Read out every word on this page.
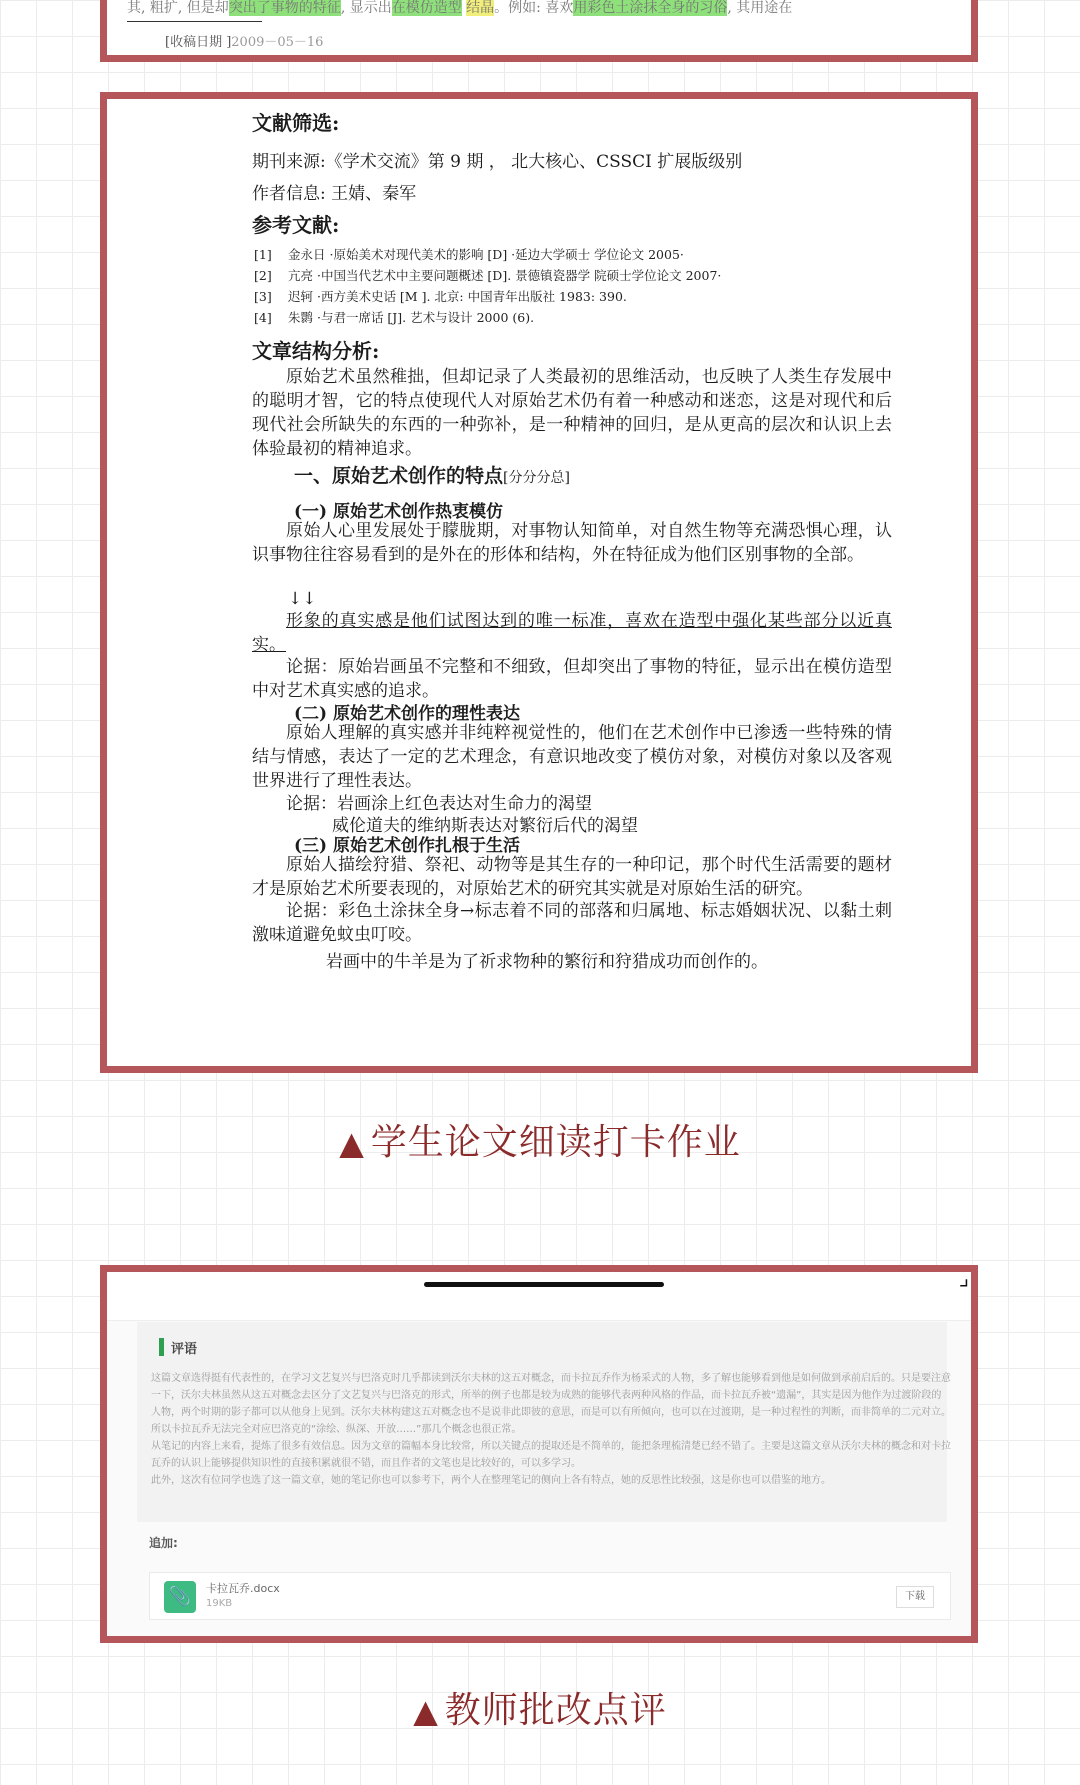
其, 粗扩, 但是却突出了事物的特征, 显示出在模仿造型 结晶。例如: 喜欢用彩色土涂抹全身的习俗, 其用途在
[收稿日期 ]2009－05－16
文献筛选:
期刊来源:《学术交流》第 9 期 ， 北大核心、CSSCI 扩展版级别
作者信息: 王婧、秦军
参考文献:
[1] 金永日 ·原始美术对现代美术的影响 [D] ·延边大学硕士 学位论文 2005·
[2] 亢亮 ·中国当代艺术中主要问题概述 [D]. 景德镇瓷器学 院硕士学位论文 2007·
[3] 迟轲 ·西方美术史话 [M ]. 北京: 中国青年出版社 1983: 390.
[4] 朱鹮 ·与君一席话 [J]. 艺术与设计 2000 (6).
文章结构分析:
原始艺术虽然稚拙，但却记录了人类最初的思维活动，也反映了人类生存发展中的聪明才智，它的特点使现代人对原始艺术仍有着一种感动和迷恋，这是对现代和后现代社会所缺失的东西的一种弥补，是一种精神的回归，是从更高的层次和认识上去体验最初的精神追求。
一、原始艺术创作的特点[分分分总]
(一) 原始艺术创作热衷模仿
原始人心里发展处于朦胧期，对事物认知简单，对自然生物等充满恐惧心理，认识事物往往容易看到的是外在的形体和结构，外在特征成为他们区别事物的全部。
↓↓
形象的真实感是他们试图达到的唯一标准，喜欢在造型中强化某些部分以近真实。
论据：原始岩画虽不完整和不细致，但却突出了事物的特征，显示出在模仿造型中对艺术真实感的追求。
(二) 原始艺术创作的理性表达
原始人理解的真实感并非纯粹视觉性的，他们在艺术创作中已渗透一些特殊的情结与情感，表达了一定的艺术理念，有意识地改变了模仿对象，对模仿对象以及客观世界进行了理性表达。
论据：岩画涂上红色表达对生命力的渴望
威伦道夫的维纳斯表达对繁衍后代的渴望
(三) 原始艺术创作扎根于生活
原始人描绘狩猎、祭祀、动物等是其生存的一种印记，那个时代生活需要的题材才是原始艺术所要表现的，对原始艺术的研究其实就是对原始生活的研究。
论据：彩色土涂抹全身→标志着不同的部落和归属地、标志婚姻状况、以黏土刺激味道避免蚊虫叮咬。
岩画中的牛羊是为了祈求物种的繁衍和狩猎成功而创作的。
▲ 学生论文细读打卡作业
⌟
评语

这篇文章选得挺有代表性的，在学习文艺复兴与巴洛克时几乎都读到沃尔夫林的这五对概念，而卡拉瓦乔作为杨采式的人物，多了解也能够看到他是如何做到承前启后的。只是要注意一下，沃尔夫林虽然从这五对概念去区分了文艺复兴与巴洛克的形式，所举的例子也都是较为成熟的能够代表两种风格的作品，而卡拉瓦乔被“遗漏”，其实是因为他作为过渡阶段的人物，两个时期的影子都可以从他身上见到。沃尔夫林构建这五对概念也不是说非此即彼的意思，而是可以有所倾向，也可以在过渡期，是一种过程性的判断，而非简单的二元对立。所以卡拉瓦乔无法完全对应巴洛克的“涂绘、纵深、开放……”那几个概念也很正常。

从笔记的内容上来看，提炼了很多有效信息。因为文章的篇幅本身比较常，所以关键点的提取还是不简单的，能把条理梳清楚已经不错了。主要是这篇文章从沃尔夫林的概念和对卡拉瓦乔的认识上能够提供知识性的直接积累就很不错，而且作者的文笔也是比较好的，可以多学习。

此外，这次有位同学也选了这一篇文章，她的笔记你也可以参考下，两个人在整理笔记的侧向上各有特点，她的反思性比较强，这是你也可以借鉴的地方。

追加:
📎	卡拉瓦乔.docx
19KB
下载
▲ 教师批改点评
